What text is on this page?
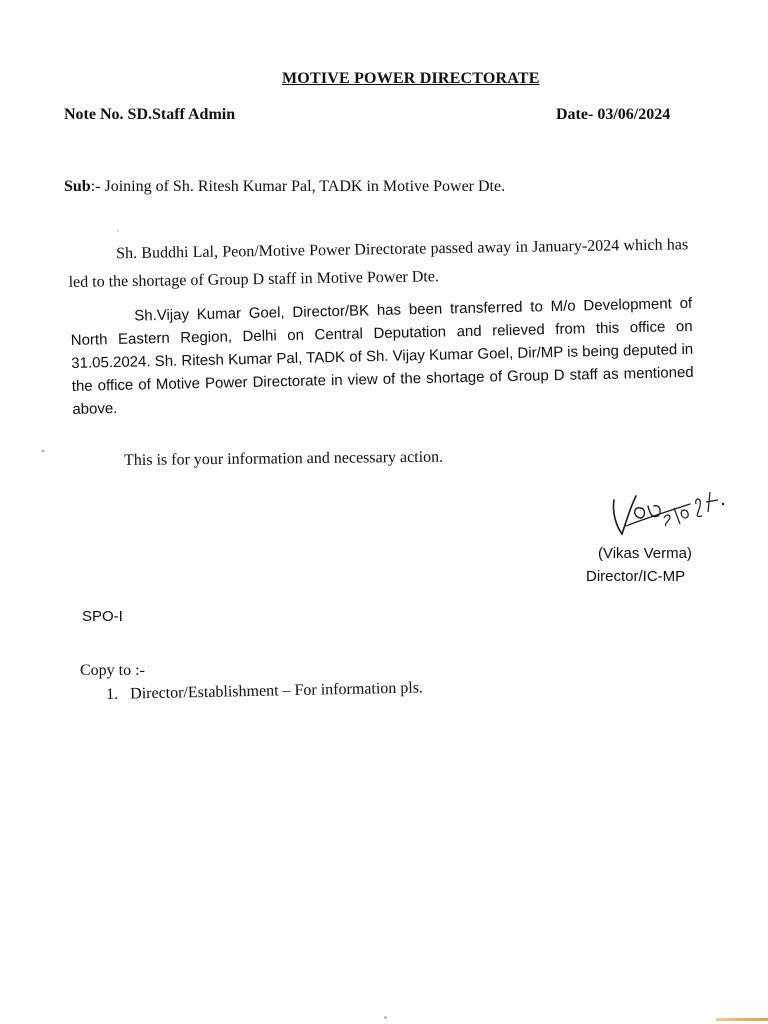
MOTIVE POWER DIRECTORATE
Note No. SD.Staff Admin	Date- 03/06/2024
Sub:- Joining of Sh. Ritesh Kumar Pal, TADK in Motive Power Dte.
Sh. Buddhi Lal, Peon/Motive Power Directorate passed away in January-2024 which has led to the shortage of Group D staff in Motive Power Dte.
Sh.Vijay Kumar Goel, Director/BK has been transferred to M/o Development of North Eastern Region, Delhi on Central Deputation and relieved from this office on 31.05.2024. Sh. Ritesh Kumar Pal, TADK of Sh. Vijay Kumar Goel, Dir/MP is being deputed in the office of Motive Power Directorate in view of the shortage of Group D staff as mentioned above.
This is for your information and necessary action.
(Vikas Verma)
Director/IC-MP
SPO-I
Copy to :-
1. Director/Establishment – For information pls.
